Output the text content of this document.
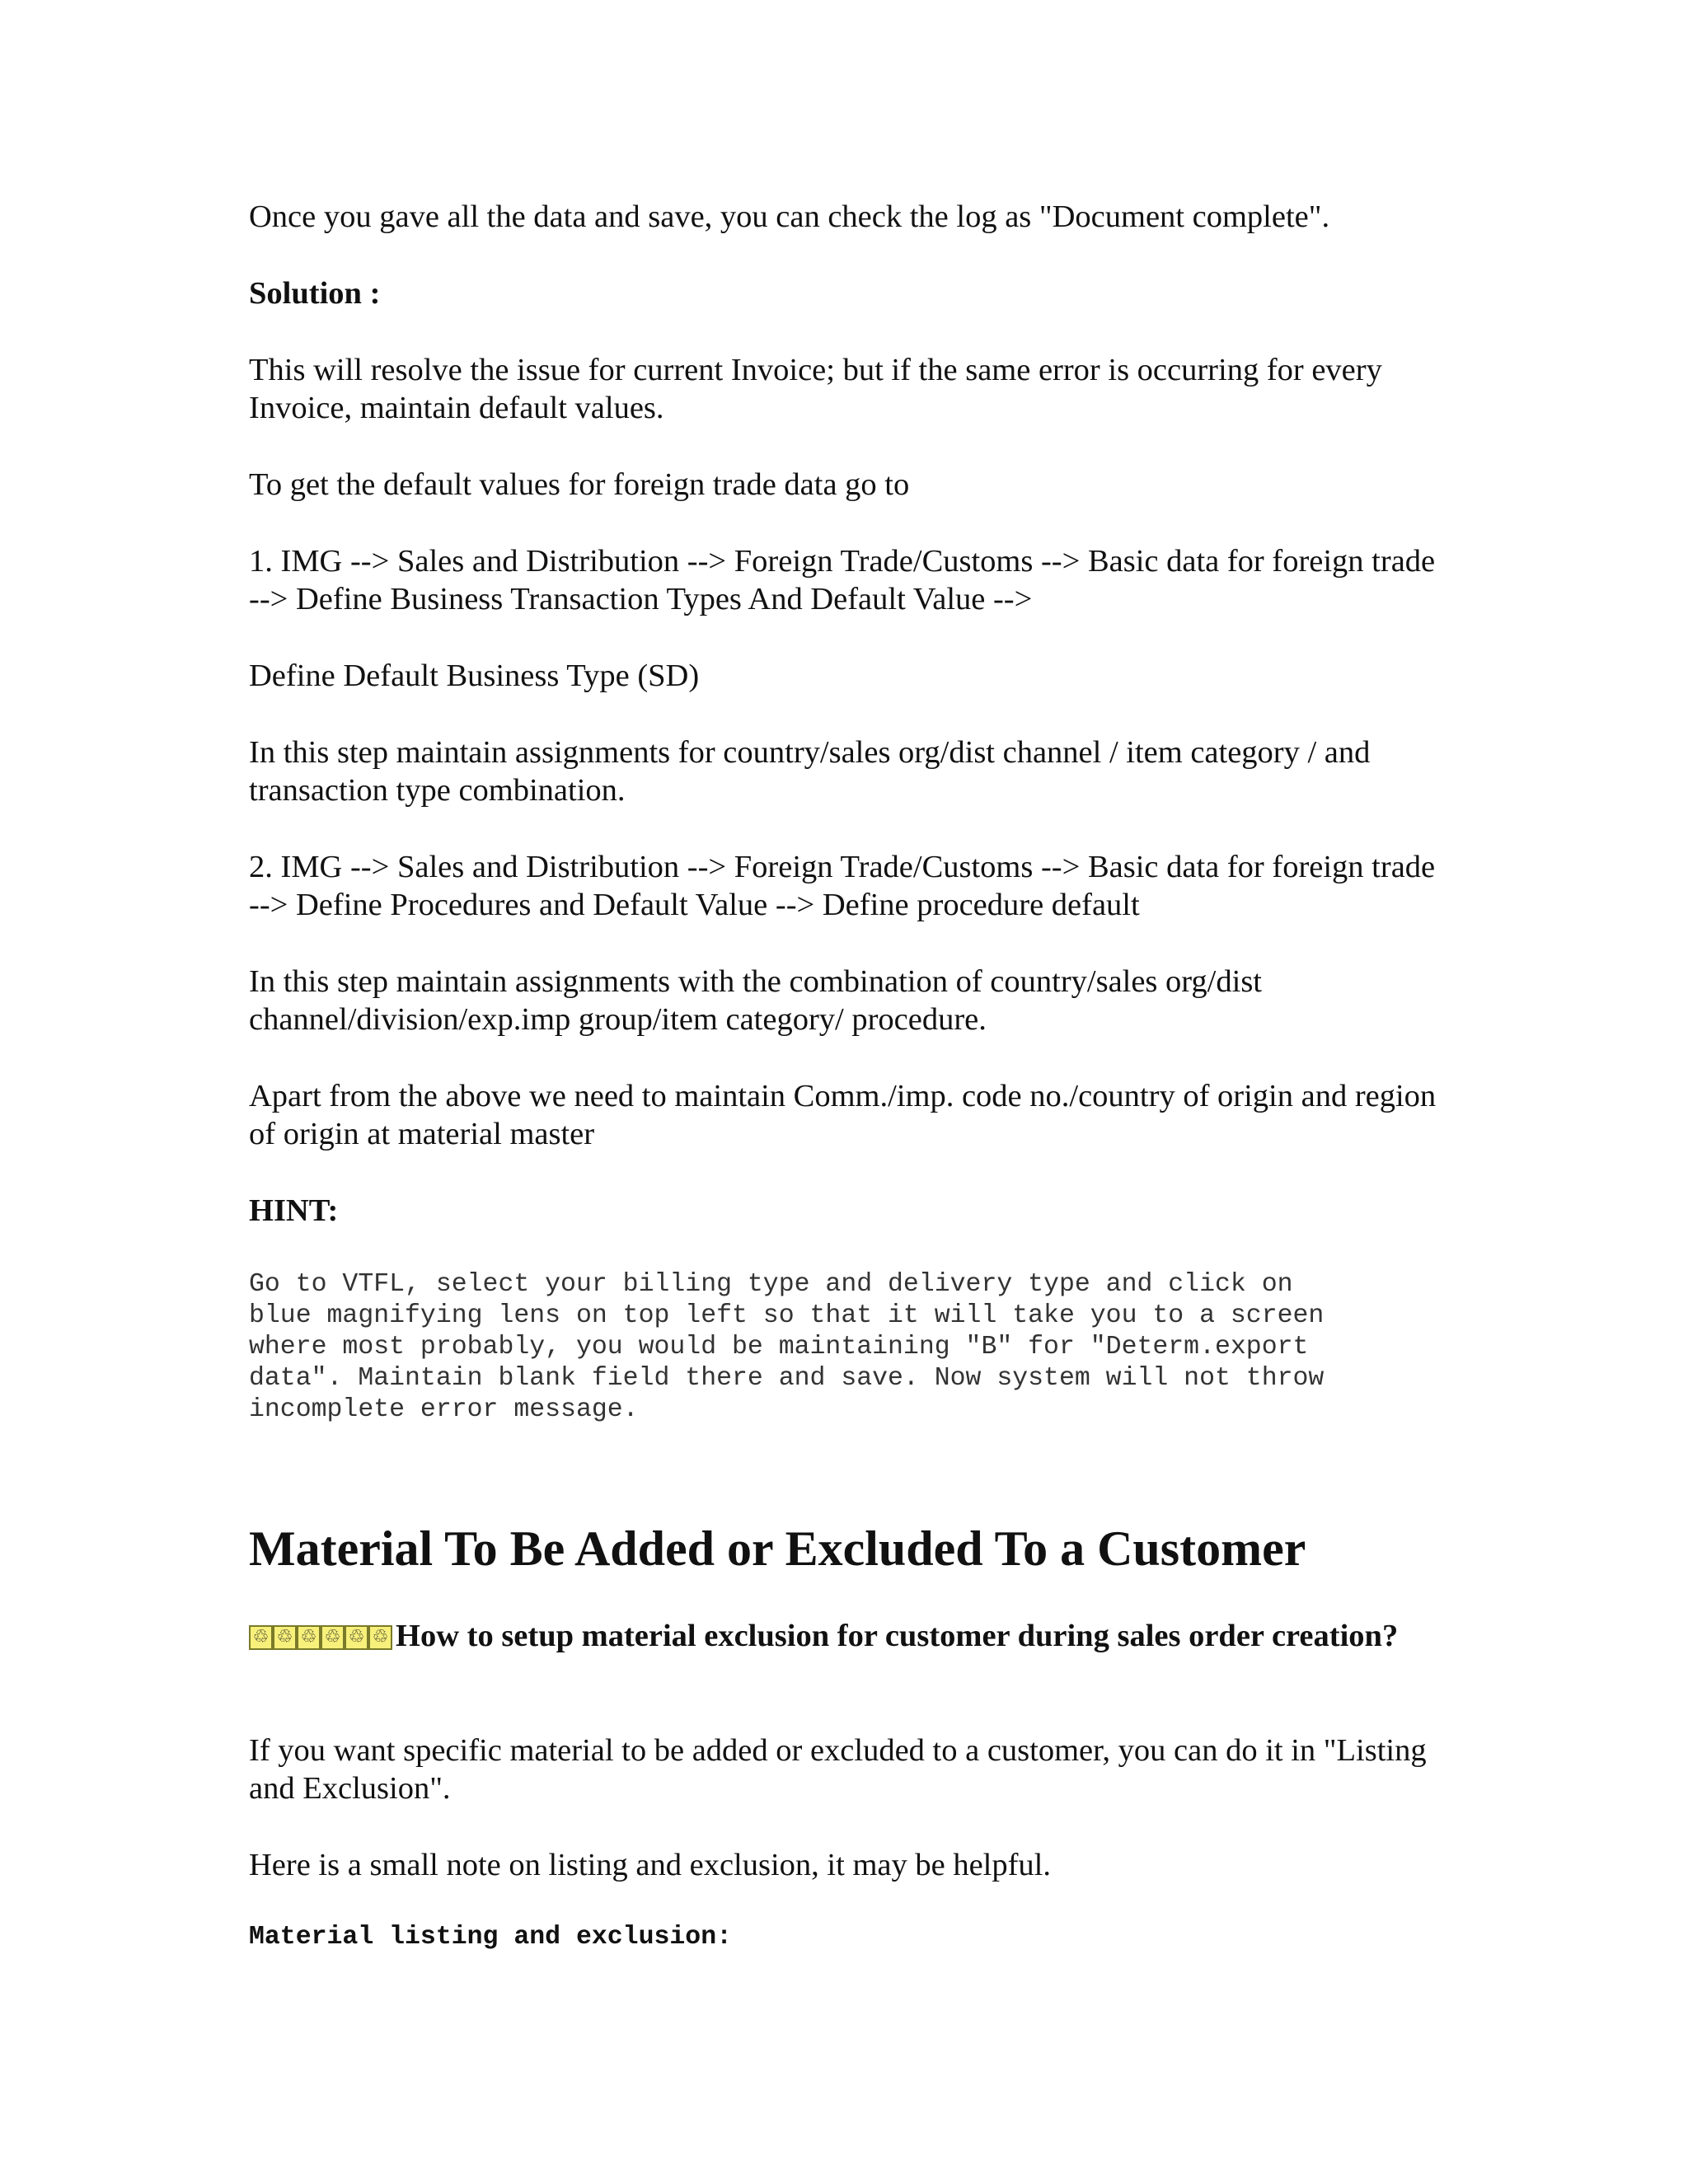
Once you gave all the data and save, you can check the log as "Document complete".

Solution :

This will resolve the issue for current Invoice; but if the same error is occurring for every Invoice, maintain default values.

To get the default values for foreign trade data go to

1. IMG --> Sales and Distribution --> Foreign Trade/Customs --> Basic data for foreign trade --> Define Business Transaction Types And Default Value -->

Define Default Business Type (SD)

In this step maintain assignments for country/sales org/dist channel / item category / and transaction type combination.

2. IMG --> Sales and Distribution --> Foreign Trade/Customs --> Basic data for foreign trade --> Define Procedures and Default Value --> Define procedure default

In this step maintain assignments with the combination of country/sales org/dist channel/division/exp.imp group/item category/ procedure.

Apart from the above we need to maintain Comm./imp. code no./country of origin and region of origin at material master

HINT:

Go to VTFL, select your billing type and delivery type and click on
blue magnifying lens on top left so that it will take you to a screen
where most probably, you would be maintaining "B" for "Determ.export
data". Maintain blank field there and save. Now system will not throw
incomplete error message.
Material To Be Added or Excluded To a Customer

♲ ♲ ♲ ♲ ♲ ♲ How to setup material exclusion for customer during sales order creation?

If you want specific material to be added or excluded to a customer, you can do it in "Listing and Exclusion".

Here is a small note on listing and exclusion, it may be helpful.

Material listing and exclusion:
